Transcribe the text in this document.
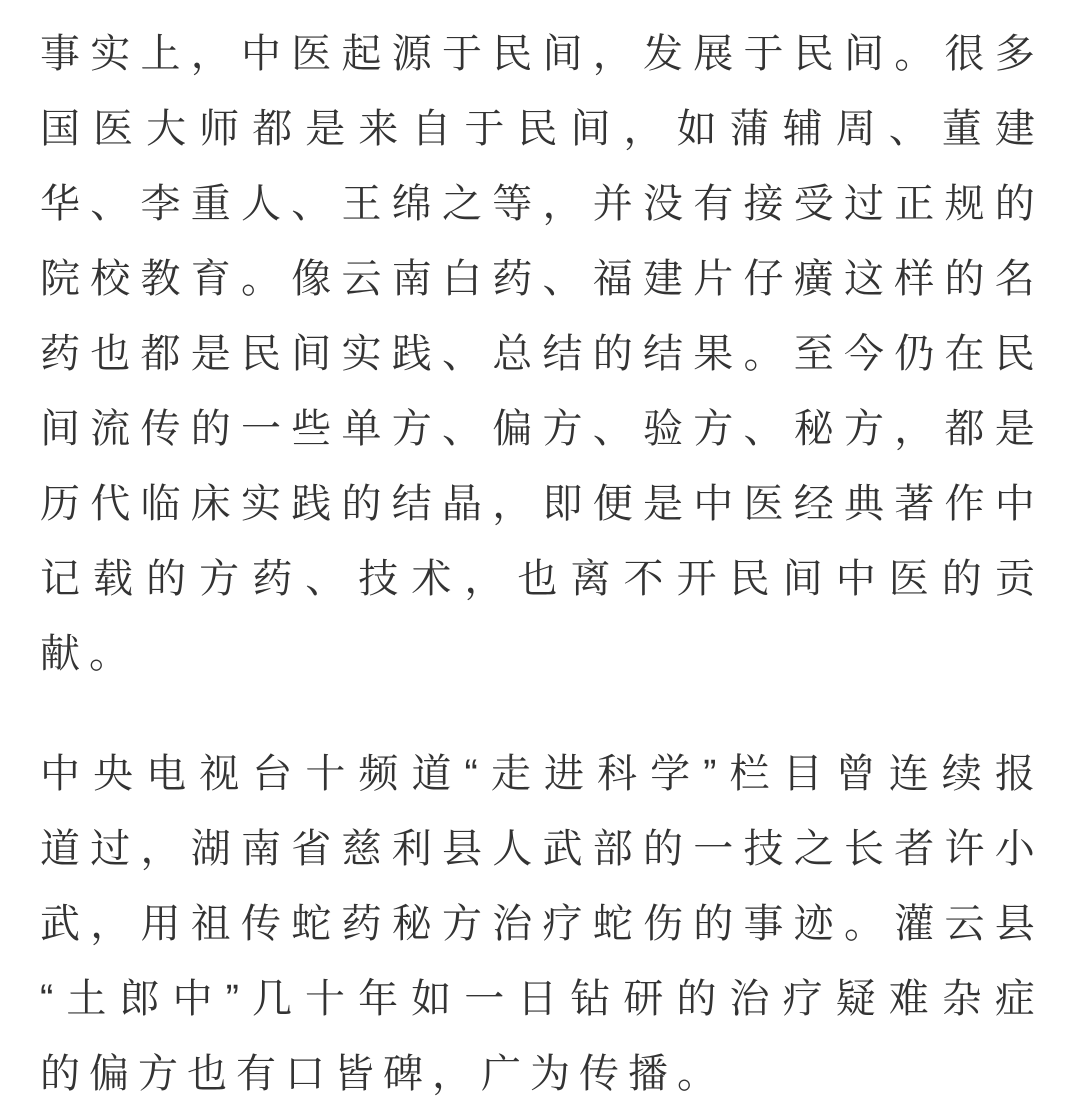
事 实 上 ， 中 医 起 源 于 民 间 ， 发 展 于 民 间 。 很 多
国 医 大 师 都 是 来 自 于 民 间 ， 如 蒲 辅 周 、 董 建
华 、 李 重 人 、 王 绵 之 等 ， 并 没 有 接 受 过 正 规 的
院 校 教 育 。 像 云 南 白 药 、 福 建 片 仔 癀 这 样 的 名
药 也 都 是 民 间 实 践 、 总 结 的 结 果 。 至 今 仍 在 民
间 流 传 的 一 些 单 方 、 偏 方 、 验 方 、 秘 方 ， 都 是
历 代 临 床 实 践 的 结 晶 ， 即 便 是 中 医 经 典 著 作 中
记 载 的 方 药 、 技 术 ， 也 离 不 开 民 间 中 医 的 贡
献。
中 央 电 视 台 十 频 道 “ 走 进 科 学 ” 栏 目 曾 连 续 报
道 过 ， 湖 南 省 慈 利 县 人 武 部 的 一 技 之 长 者 许 小
武 ， 用 祖 传 蛇 药 秘 方 治 疗 蛇 伤 的 事 迹 。 灌 云 县
“ 土 郎 中 ” 几 十 年 如 一 日 钻 研 的 治 疗 疑 难 杂 症
的偏方也有口皆碑，广为传播。
